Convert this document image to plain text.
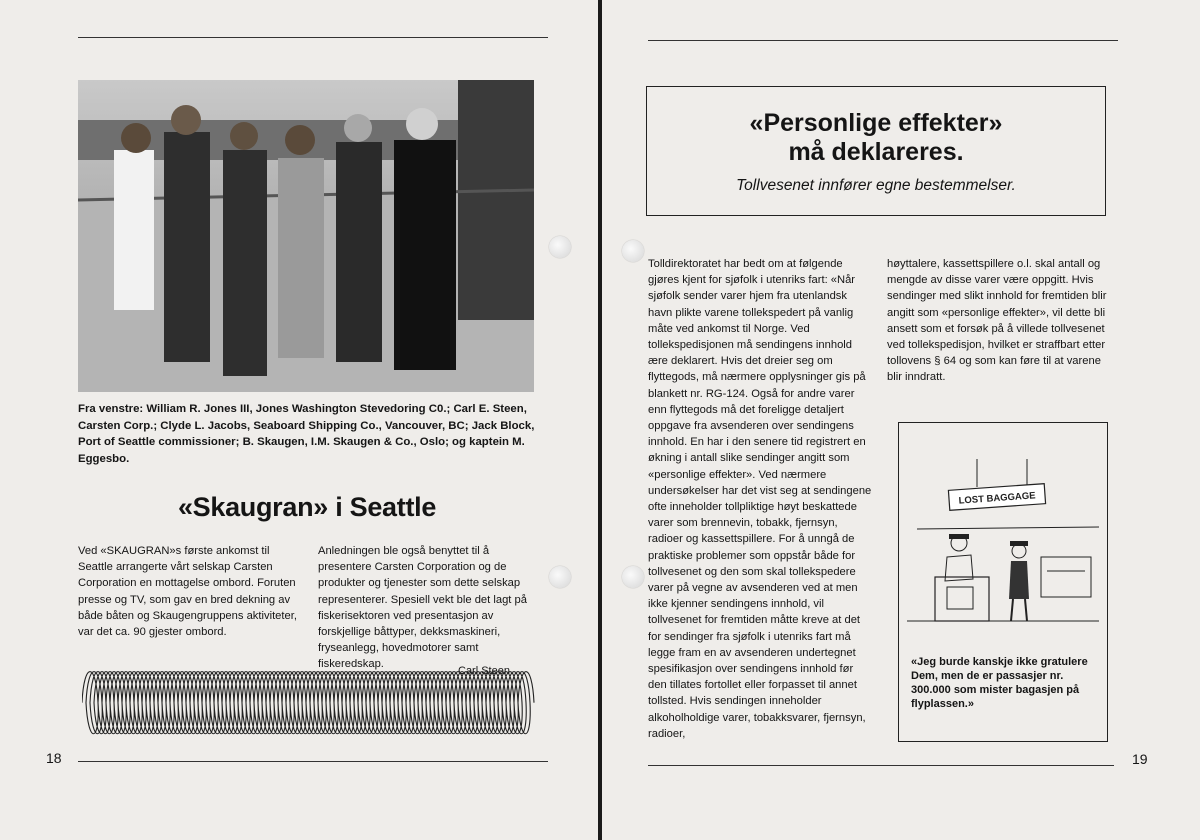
Fra venstre: William R. Jones III, Jones Washington Stevedoring C0.; Carl E. Steen, Carsten Corp.; Clyde L. Jacobs, Seaboard Shipping Co., Vancouver, BC; Jack Block, Port of Seattle commissioner; B. Skaugen, I.M. Skaugen & Co., Oslo; og kaptein M. Eggesbo.

«Skaugran» i Seattle

Ved «SKAUGRAN»s første ankomst til Seattle arrangerte vårt selskap Carsten Corporation en mottagelse ombord. Foruten presse og TV, som gav en bred dekning av både båten og Skaugengruppens aktiviteter, var det ca. 90 gjester ombord.

Anledningen ble også benyttet til å presentere Carsten Corporation og de produkter og tjenester som dette selskap representerer. Spesiell vekt ble det lagt på fiskerisektoren ved presentasjon av forskjellige båttyper, dekksmaskineri, fryseanlegg, hovedmotorer samt fiskeredskap.

Carl Steen
18
«Personlige effekter»
må deklareres.

Tollvesenet innfører egne bestemmelser.

Tolldirektoratet har bedt om at følgende gjøres kjent for sjøfolk i utenriks fart: «Når sjøfolk sender varer hjem fra utenlandsk havn plikte varene tollekspedert på vanlig måte ved ankomst til Norge. Ved tollekspedisjonen må sendingens innhold ære deklarert. Hvis det dreier seg om flyttegods, må nærmere opplysninger gis på blankett nr. RG-124. Også for andre varer enn flyttegods må det foreligge detaljert oppgave fra avsenderen over sendingens innhold. En har i den senere tid registrert en økning i antall slike sendinger angitt som «personlige effekter». Ved nærmere undersøkelser har det vist seg at sendingene ofte inneholder tollpliktige høyt beskattede varer som brennevin, tobakk, fjernsyn, radioer og kassettspillere. For å unngå de praktiske problemer som oppstår både for tollvesenet og den som skal tollekspedere varer på vegne av avsenderen ved at men ikke kjenner sendingens innhold, vil tollvesenet for fremtiden måtte kreve at det for sendinger fra sjøfolk i utenriks fart må legge fram en av avsenderen undertegnet spesifikasjon over sendingens innhold før den tillates fortollet eller forpasset til annet tollsted. Hvis sendingen inneholder alkoholholdige varer, tobakksvarer, fjernsyn, radioer,

høyttalere, kassettspillere o.l. skal antall og mengde av disse varer være oppgitt. Hvis sendinger med slikt innhold for fremtiden blir angitt som «personlige effekter», vil dette bli ansett som et forsøk på å villede tollvesenet ved tollekspedisjon, hvilket er straffbart etter tollovens § 64 og som kan føre til at varene blir inndratt.

LOST BAGGAGE

«Jeg burde kanskje ikke gratulere Dem, men de er passasjer nr. 300.000 som mister bagasjen på flyplassen.»

19
